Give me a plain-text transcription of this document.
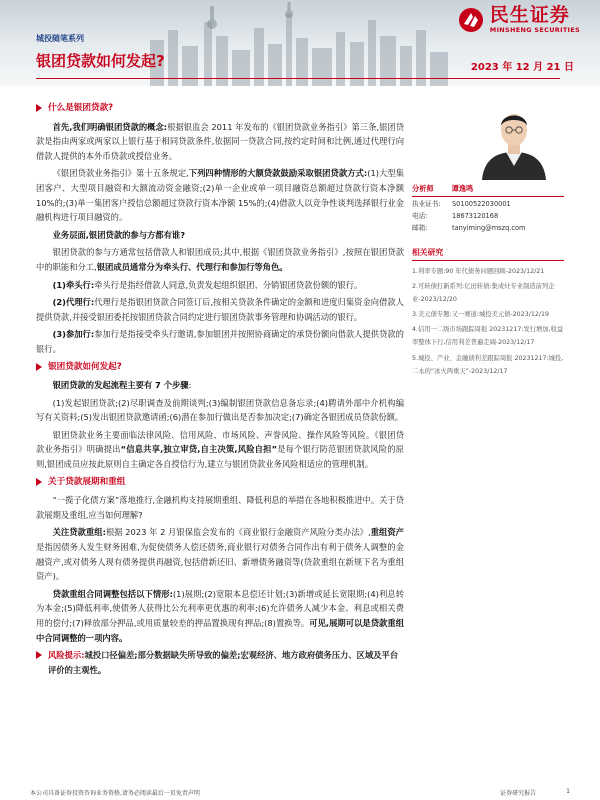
民生证券
MINSHENG SECURITIES
城投随笔系列
银团贷款如何发起?	2023 年 12 月 21 日
什么是银团贷款?

首先,我们明确银团贷款的概念:根据银监会 2011 年发布的《银团贷款业务指引》第三条,银团贷款是指由两家或两家以上银行基于相同贷款条件,依据同一贷款合同,按约定时间和比例,通过代理行向借款人提供的本外币贷款或授信业务。

《银团贷款业务指引》第十五条规定,下列四种情形的大额贷款鼓励采取银团贷款方式:(1)大型集团客户、大型项目融资和大额流动资金融资;(2)单一企业或单一项目融资总额超过贷款行资本净额 10%的;(3)单一集团客户授信总额超过贷款行资本净额 15%的;(4)借款人以竞争性谈判选择银行业金融机构进行项目融资的。

业务层面,银团贷款的参与方都有谁?

银团贷款的参与方通常包括借款人和银团成员;其中,根据《银团贷款业务指引》,按照在银团贷款中的职能和分工,银团成员通常分为牵头行、代理行和参加行等角色。

(1)牵头行:牵头行是指经借款人同意,负责发起组织银团、分销银团贷款份额的银行。

(2)代理行:代理行是指银团贷款合同签订后,按相关贷款条件确定的金额和进度归集资金向借款人提供贷款,并接受银团委托按银团贷款合同约定进行银团贷款事务管理和协调活动的银行。

(3)参加行:参加行是指接受牵头行邀请,参加银团并按照协商确定的承贷份额向借款人提供贷款的银行。

银团贷款如何发起?

银团贷款的发起流程主要有 7 个步骤:

(1)发起银团贷款;(2)尽职调查及前期谈判;(3)编制银团贷款信息备忘录;(4)聘请外部中介机构编写有关资料;(5)发出银团贷款邀请函;(6)潜在参加行做出是否参加决定;(7)确定各银团成员贷款份额。

银团贷款业务主要面临法律风险、信用风险、市场风险、声誉风险、操作风险等风险。《银团贷款业务指引》明确提出“信息共享,独立审贷,自主决策,风险自担”是每个银行防范银团贷款风险的原则,银团成员应按此原则自主确定各自授信行为,建立与银团贷款业务风险相适应的管理机制。

关于贷款展期和重组

“一揽子化债方案”落地推行,金融机构支持展期重组、降低利息的举措在各地积极推进中。关于贷款展期及重组,应当如何理解?

关注贷款重组:根据 2023 年 2 月银保监会发布的《商业银行金融资产风险分类办法》,重组资产是指因债务人发生财务困难,为促使债务人偿还债务,商业银行对债务合同作出有利于债务人调整的金融资产,或对债务人现有债务提供再融资,包括借新还旧、新增债务融资等(贷款重组在新规下名为重组资产)。

贷款重组合同调整包括以下情形:(1)展期;(2)宽限本息偿还计划;(3)新增或延长宽限期;(4)利息转为本金;(5)降低利率,使债务人获得比公允利率更优惠的利率;(6)允许债务人减少本金、利息或相关费用的偿付;(7)释放部分押品,或用质量较差的押品置换现有押品;(8)置换等。可见,展期可以是贷款重组中合同调整的一项内容。

风险提示:城投口径偏差;部分数据缺失所导致的偏差;宏观经济、地方政府债务压力、区域及平台评价的主观性。
分析师	谭逸鸣
执业证书:	S0100522030001
电话:	18673120168
邮箱:	tanyiming@mszq.com
相关研究
1.利率专题:90 年代债务问题回顾-2023/12/21
2.可转债打新系列:亿田转债:集成灶专业制造前列企业-2023/12/20
3.美元债专题:又一赛道:城投美元债-2023/12/19
4.信用一二级市场跟踪周报 20231217:发行增加,收益率整体下行,信用利差普遍走阔-2023/12/17
5.城投、产业、金融债利差跟踪周报 20231217:城投,二永的“冰火两重天”-2023/12/17
本公司具备证券投资咨询业务资格,请务必阅读最后一页免责声明	证券研究报告	1
